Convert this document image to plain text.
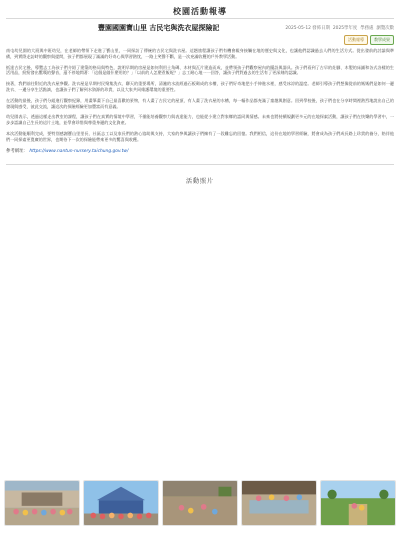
校園活動報導
豐園國園寶山里 古民宅與洗衣屋探險記	2025-05-12 發佈日期 2025學年度 學務處 瀏覽次數
活動報導	教學成果

南屯幼兒園的大班與中班幼兒，在老師的帶領下走進了寶山里，一同探訪了傳統的古民宅與洗衣屋。這趟旅程讓孩子們有機會親身接觸在地的歷史與文化，也讓他們認識過去人們的生活方式。從出發前的討論與準備，到實際走訪時的觀察與提問，孩子們都展現了滿滿的好奇心與學習熱忱，一路上笑聲不斷，是一次充滿收穫的戶外教學活動。

抵達古民宅後，導覽志工為孩子們介紹了建築的格局與特色，說明早期的房屋是如何利用土角磚、木材與瓦片建造而成，並帶領孩子們觀察屋內的擺設與器具。孩子們看到了古早的灶腳、木製的床鋪和各式各樣的生活用品，紛紛發出驚嘆的聲音，還不停地問著：「這個是做什麼用的？」「以前的人怎麼煮飯呢？」志工耐心地一一回答，讓孩子們對過去的生活有了更深刻的認識。

接著，我們前往附近的洗衣屋參觀。洗衣屋是早期村民聚集洗衣、聊天的重要場所，清澈的水流經過石板砌成的水槽，孩子們好奇地把小手伸進水裡，感受冰涼的溫度。老師引導孩子們想像從前的媽媽們是如何一邊洗衣、一邊分享生活點滴，也讓孩子們了解到水資源的珍貴，以及大家共同維護環境的重要性。

在活動的最後，孩子們分組進行觀察紀錄，用畫筆畫下自己最喜歡的景物，有人畫了古民宅的屋頂，有人畫了洗衣屋的水槽，每一幅作品都充滿了童趣與創意。回到學校後，孩子們也在分享時間裡熱烈地說出自己的發現與感受，彼此交流，讓這次的探險經驗更加豐富而有意義。

幼兒園表示，透過這樣走出教室的課程，讓孩子們在真實的情境中學習，不僅能培養觀察力與表達能力，也能從小建立對家鄉的認同與情感。未來也將持續規劃更多元的在地探索活動，讓孩子們在快樂的學習中，一步步認識自己生長的這片土地，並學會珍惜與尊重身邊的文化資產。

本次活動能順利完成，要特別感謝寶山里里長、社區志工以及家長們的熱心協助與支持，大家的參與讓孩子們擁有了一段難忘的回憶。我們相信，這份在地的學習經驗，將會成為孩子們成長路上珍貴的養分，陪伴他們一同探索更寬廣的世界，也期待下一次的探險能帶來更多的驚喜與收穫。

參考網址： https://www.nantun-nursery.taichung.gov.tw/
活動照片
